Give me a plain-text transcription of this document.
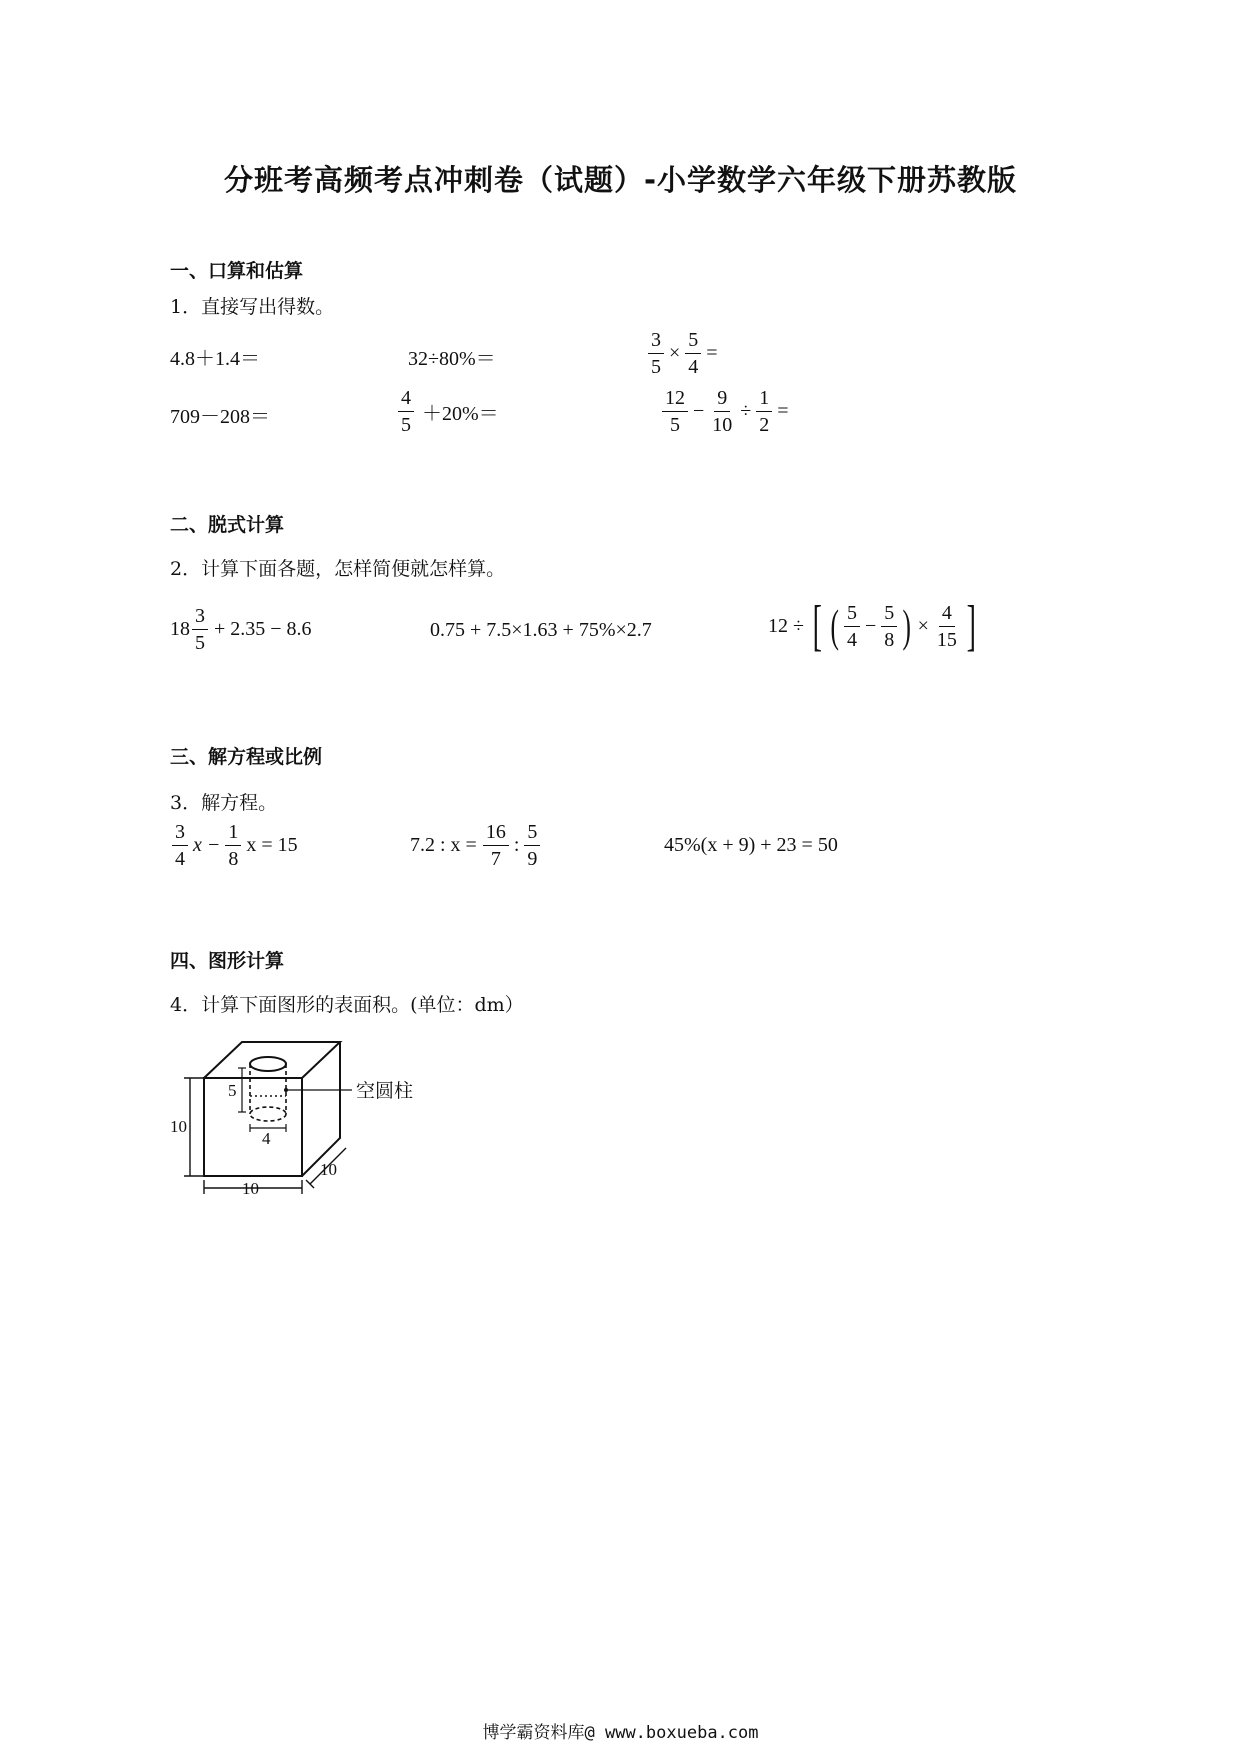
分班考高频考点冲刺卷（试题）-小学数学六年级下册苏教版
一、口算和估算
1．直接写出得数。
4.8＋1.4＝	32÷80%＝	$\frac{3}{5} \times \frac{5}{4}$ =
709－208＝	$\frac{4}{5} +20\%=$	$\frac{12}{5} - \frac{9}{10} \div \frac{1}{2}$ =
二、脱式计算
2．计算下面各题，怎样简便就怎样算。
$18 \frac{3}{5} + 2.35 - 8.6$	0.75 + 7.5×1.63 + 75%×2.7	12 ÷ [ ( $\frac{5}{4} - \frac{5}{8}$ ) × $\frac{4}{15}$ ]
三、解方程或比例
3．解方程。
$\frac{3}{4}$ $x - \frac{1}{8}$ x = 15	7.2 : $x = \frac{16}{7}$ : $\frac{5}{9}$	45%(x + 9) + 23 = 50
四、图形计算
4．计算下面图形的表面积。(单位：dm）
10
10
10
5
4
空圆柱
博学霸资料库@ www.boxueba.com
